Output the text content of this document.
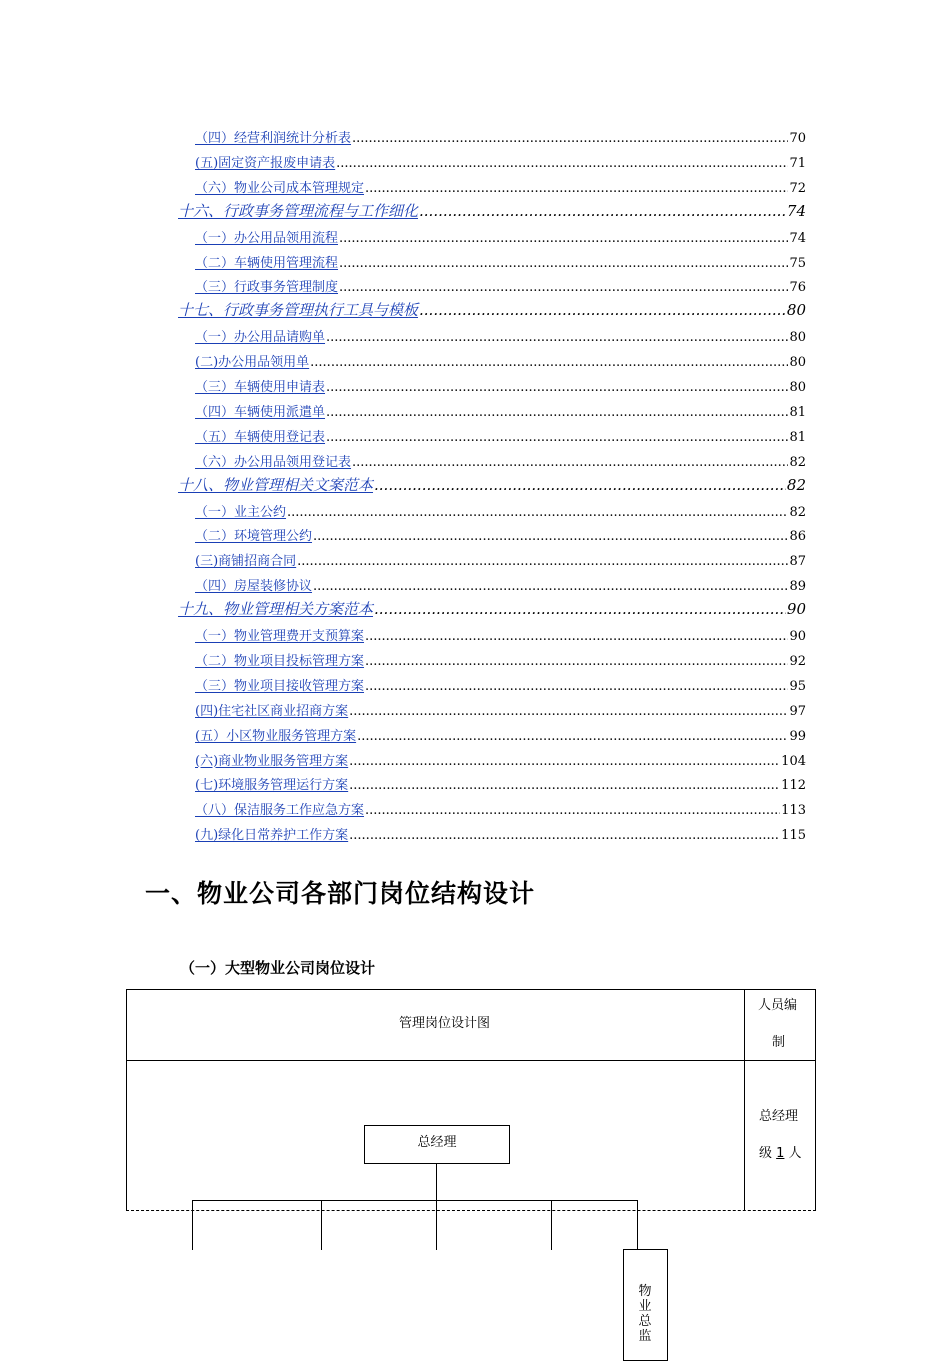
（四）经营利润统计分析表 .....	70
(五)固定资产报废申请表 .....	71
（六）物业公司成本管理规定 .....	72
十六、行政事务管理流程与工作细化 .....	74
（一）办公用品领用流程 .....	74
（二）车辆使用管理流程 .....	75
（三）行政事务管理制度 .....	76
十七、行政事务管理执行工具与模板 .....	80
（一）办公用品请购单 .....	80
(二)办公用品领用单 .....	80
（三）车辆使用申请表 .....	80
（四）车辆使用派遣单 .....	81
（五）车辆使用登记表 .....	81
（六）办公用品领用登记表 .....	82
十八、物业管理相关文案范本 .....	82
（一）业主公约 .....	82
（二）环境管理公约 .....	86
(三)商铺招商合同 .....	87
（四）房屋装修协议 .....	89
十九、物业管理相关方案范本 .....	90
（一）物业管理费开支预算案 .....	90
（二）物业项目投标管理方案 .....	92
（三）物业项目接收管理方案 .....	95
(四)住宅社区商业招商方案 .....	97
(五）小区物业服务管理方案 .....	99
(六)商业物业服务管理方案 .....	104
(七)环境服务管理运行方案 .....	112
（八）保洁服务工作应急方案 .....	113
(九)绿化日常养护工作方案 .....	115
一、物业公司各部门岗位结构设计
（一）大型物业公司岗位设计
管理岗位设计图
人员编
制
总经理
级 1 人
总经理
物业总监
